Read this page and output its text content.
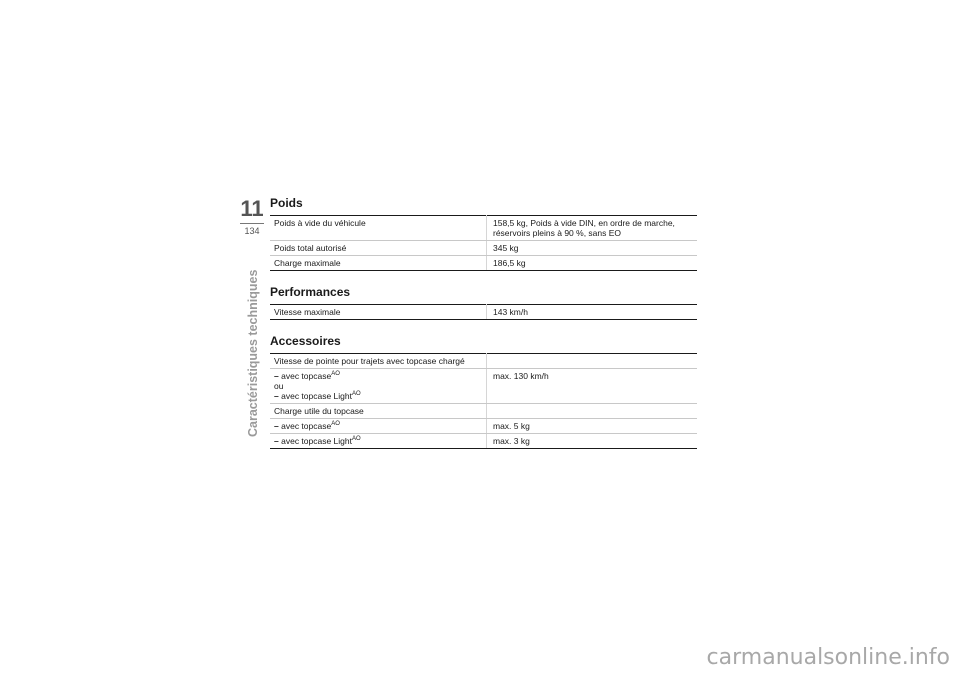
11
134
Caractéristiques techniques
Poids
Poids à vide du véhicule	158,5 kg, Poids à vide DIN, en ordre de marche, réservoirs pleins à 90 %, sans EO
Poids total autorisé	345 kg
Charge maximale	186,5 kg
Performances
Vitesse maximale	143 km/h
Accessoires
Vitesse de pointe pour trajets avec topcase chargé	

– avec topcase$^{AO}$
ou
– avec topcase Light$^{AO}$	max. 130 km/h
Charge utile du topcase	
– avec topcase$^{AO}$	max. 5 kg
– avec topcase Light$^{AO}$	max. 3 kg
carmanualsonline.info
